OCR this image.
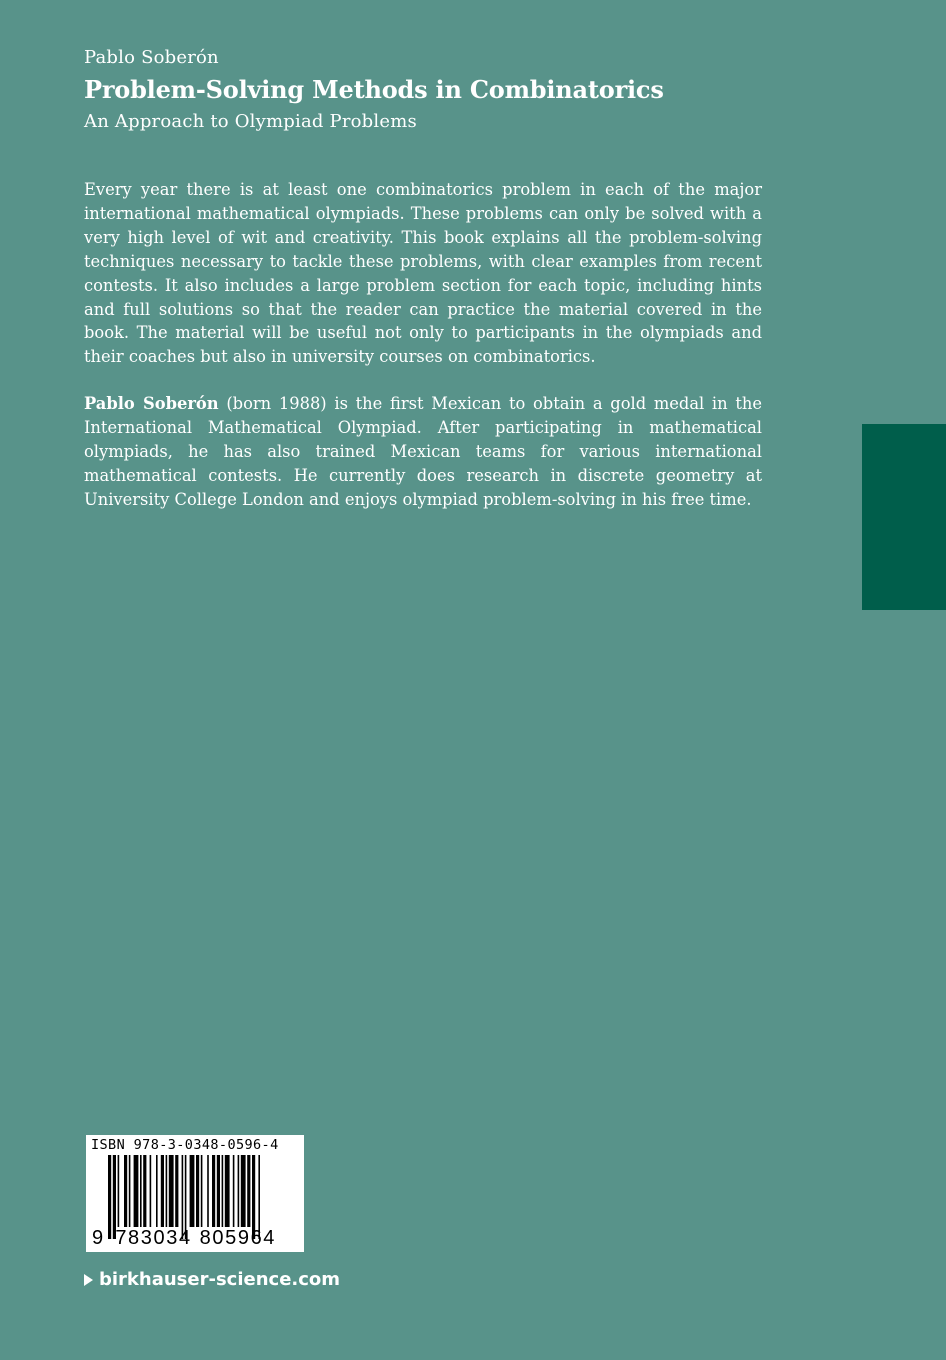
Pablo Soberón
Problem-Solving Methods in Combinatorics
An Approach to Olympiad Problems
Every year there is at least one combinatorics problem in each of the major international mathematical olympiads. These problems can only be solved with a very high level of wit and creativity. This book explains all the problem-solving techniques necessary to tackle these problems, with clear examples from recent contests. It also includes a large problem section for each topic, including hints and full solutions so that the reader can practice the material covered in the book. The material will be useful not only to participants in the olympiads and their coaches but also in university courses on combinatorics.
Pablo Soberón (born 1988) is the first Mexican to obtain a gold medal in the International Mathematical Olympiad. After participating in mathematical olympiads, he has also trained Mexican teams for various international mathematical contests. He currently does research in discrete geometry at University College London and enjoys olympiad problem-solving in his free time.
ISBN 978-3-0348-0596-4
9 783034 805964
birkhauser-science.com
